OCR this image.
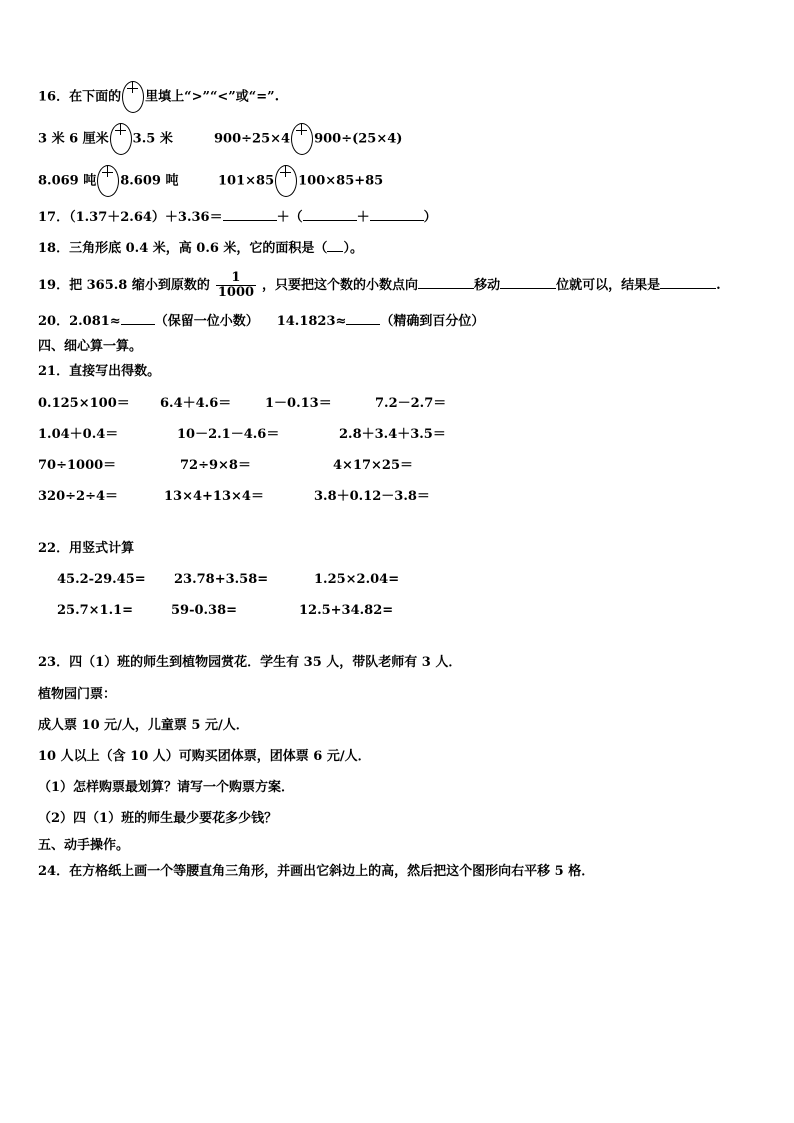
16．在下面的 里填上“>”“<”或“=”.
3 米 6 厘米 3.5 米	900÷25×4 900÷(25×4)
8.069 吨 8.609 吨	101×85 100×85+85
17．（1.37＋2.64）＋3.36＝	＋（	＋	）
18．三角形底 0.4 米，高 0.6 米，它的面积是（ ）。
19．把 365.8 缩小到原数的 $\frac{1}{1000}$ ，只要把这个数的小数点向	移动	位就可以，结果是	.
20．2.081≈	（保留一位小数） 14.1823≈	（精确到百分位）
四、细心算一算。
21．直接写出得数。
0.125×100＝ 6.4＋4.6＝	1－0.13＝	7.2－2.7＝
1.04＋0.4＝	10－2.1－4.6＝	2.8＋3.4＋3.5＝
70÷1000＝	72÷9×8＝	4×17×25＝
320÷2÷4＝	13×4+13×4＝	3.8＋0.12－3.8＝
22．用竖式计算
45.2-29.45= 23.78+3.58=	1.25×2.04=
25.7×1.1=	59-0.38=	12.5+34.82=
23．四（1）班的师生到植物园赏花．学生有 35 人，带队老师有 3 人．
植物园门票：
成人票 10 元/人，儿童票 5 元/人．
10 人以上（含 10 人）可购买团体票，团体票 6 元/人．
（1）怎样购票最划算？请写一个购票方案．
（2）四（1）班的师生最少要花多少钱？
五、动手操作。
24．在方格纸上画一个等腰直角三角形，并画出它斜边上的高，然后把这个图形向右平移 5 格．
